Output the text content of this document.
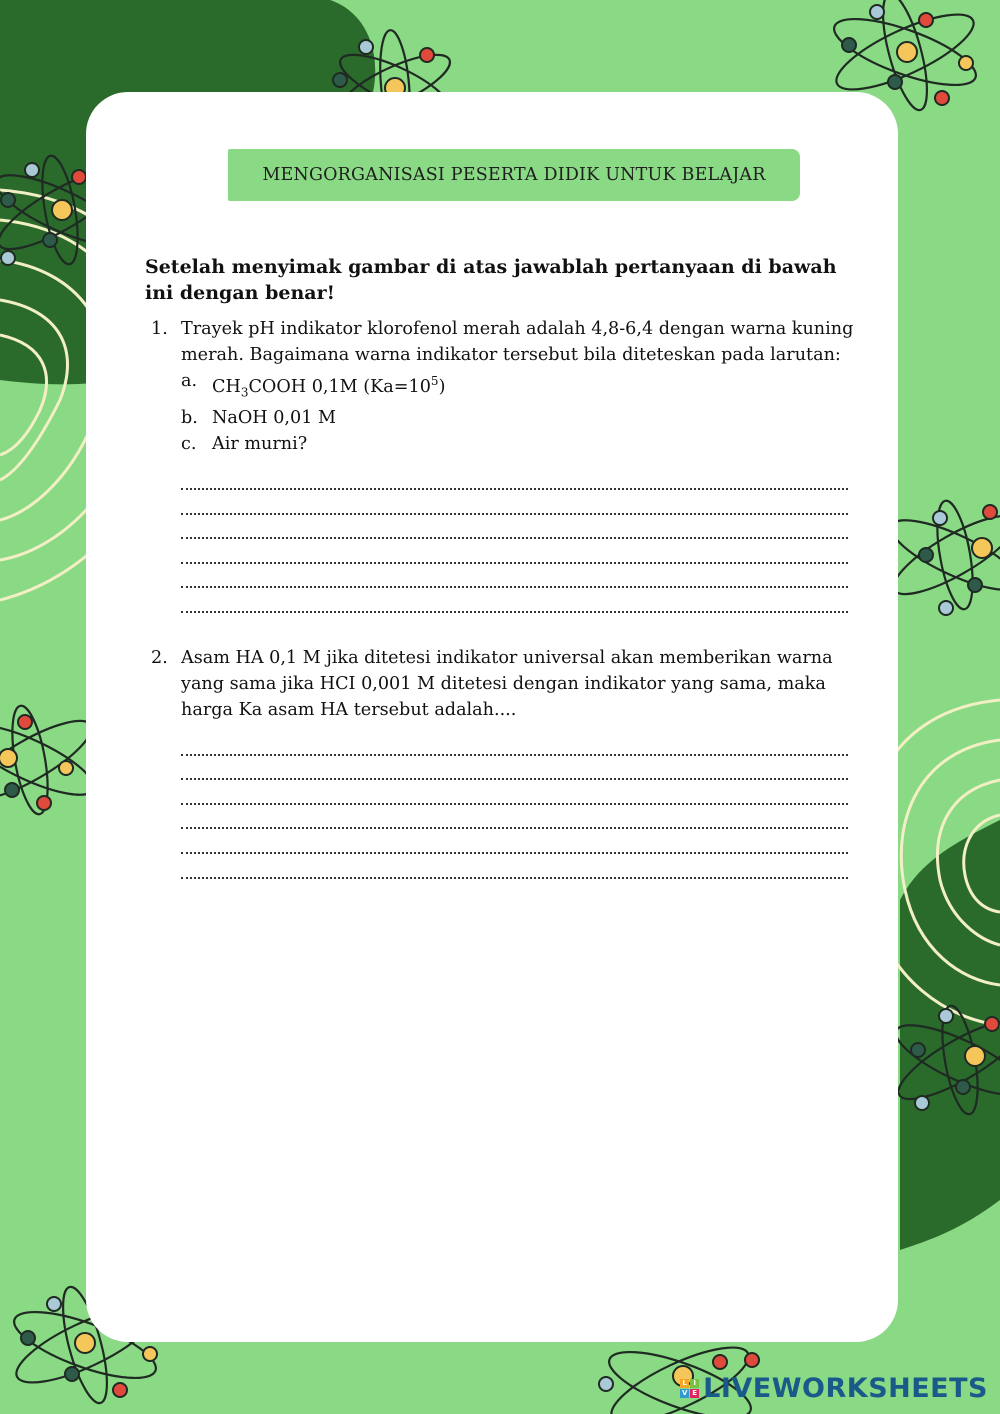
MENGORGANISASI PESERTA DIDIK UNTUK BELAJAR

Setelah menyimak gambar di atas jawablah pertanyaan di bawah ini dengan benar!

1. Trayek pH indikator klorofenol merah adalah 4,8-6,4 dengan warna kuning merah. Bagaimana warna indikator tersebut bila diteteskan pada larutan:
a. $CH_3COOH$ 0,1M $(Ka=10^5)$
b. NaOH 0,01 M
c. Air murni?
2. Asam HA 0,1 M jika ditetesi indikator universal akan memberikan warna yang sama jika HCI 0,001 M ditetesi dengan indikator yang sama, maka harga Ka asam HA tersebut adalah....
L I
V E LIVEWORKSHEETS
